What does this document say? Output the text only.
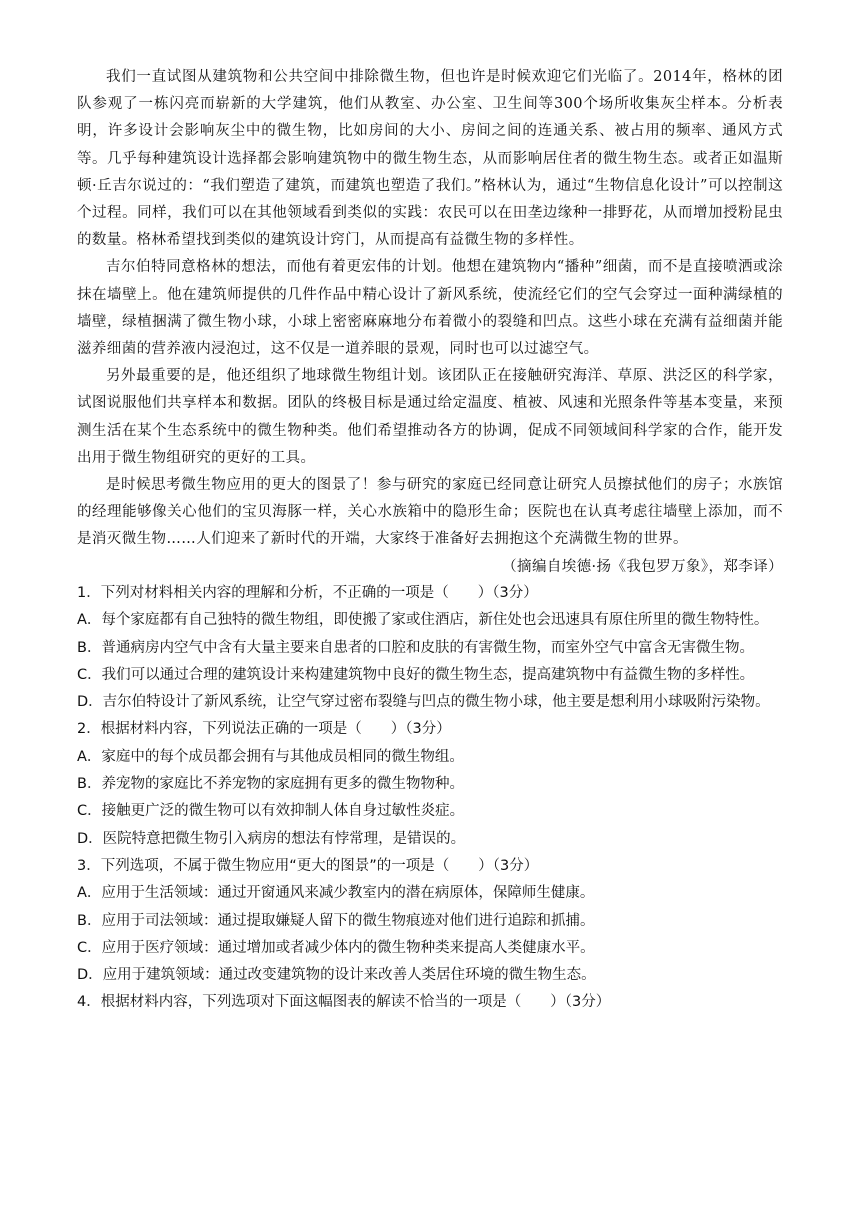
我们一直试图从建筑物和公共空间中排除微生物，但也许是时候欢迎它们光临了。2014年，格林的团队参观了一栋闪亮而崭新的大学建筑，他们从教室、办公室、卫生间等300个场所收集灰尘样本。分析表明，许多设计会影响灰尘中的微生物，比如房间的大小、房间之间的连通关系、被占用的频率、通风方式等。几乎每种建筑设计选择都会影响建筑物中的微生物生态，从而影响居住者的微生物生态。或者正如温斯顿·丘吉尔说过的：“我们塑造了建筑，而建筑也塑造了我们。”格林认为，通过“生物信息化设计”可以控制这个过程。同样，我们可以在其他领域看到类似的实践：农民可以在田垄边缘种一排野花，从而增加授粉昆虫的数量。格林希望找到类似的建筑设计窍门，从而提高有益微生物的多样性。

吉尔伯特同意格林的想法，而他有着更宏伟的计划。他想在建筑物内“播种”细菌，而不是直接喷洒或涂抹在墙壁上。他在建筑师提供的几件作品中精心设计了新风系统，使流经它们的空气会穿过一面种满绿植的墙壁，绿植捆满了微生物小球，小球上密密麻麻地分布着微小的裂缝和凹点。这些小球在充满有益细菌并能滋养细菌的营养液内浸泡过，这不仅是一道养眼的景观，同时也可以过滤空气。

另外最重要的是，他还组织了地球微生物组计划。该团队正在接触研究海洋、草原、洪泛区的科学家，试图说服他们共享样本和数据。团队的终极目标是通过给定温度、植被、风速和光照条件等基本变量，来预测生活在某个生态系统中的微生物种类。他们希望推动各方的协调，促成不同领域间科学家的合作，能开发出用于微生物组研究的更好的工具。

是时候思考微生物应用的更大的图景了！参与研究的家庭已经同意让研究人员擦拭他们的房子；水族馆的经理能够像关心他们的宝贝海豚一样，关心水族箱中的隐形生命；医院也在认真考虑往墙壁上添加，而不是消灭微生物……人们迎来了新时代的开端，大家终于准备好去拥抱这个充满微生物的世界。

（摘编自埃德·扬《我包罗万象》，郑李译）

1．下列对材料相关内容的理解和分析，不正确的一项是（　　）（3分）

A．每个家庭都有自己独特的微生物组，即使搬了家或住酒店，新住处也会迅速具有原住所里的微生物特性。

B．普通病房内空气中含有大量主要来自患者的口腔和皮肤的有害微生物，而室外空气中富含无害微生物。

C．我们可以通过合理的建筑设计来构建建筑物中良好的微生物生态，提高建筑物中有益微生物的多样性。

D．吉尔伯特设计了新风系统，让空气穿过密布裂缝与凹点的微生物小球，他主要是想利用小球吸附污染物。

2．根据材料内容，下列说法正确的一项是（　　）（3分）

A．家庭中的每个成员都会拥有与其他成员相同的微生物组。

B．养宠物的家庭比不养宠物的家庭拥有更多的微生物物种。

C．接触更广泛的微生物可以有效抑制人体自身过敏性炎症。

D．医院特意把微生物引入病房的想法有悖常理，是错误的。

3．下列选项，不属于微生物应用“更大的图景”的一项是（　　）（3分）

A．应用于生活领域：通过开窗通风来减少教室内的潜在病原体，保障师生健康。

B．应用于司法领域：通过提取嫌疑人留下的微生物痕迹对他们进行追踪和抓捕。

C．应用于医疗领域：通过增加或者减少体内的微生物种类来提高人类健康水平。

D．应用于建筑领域：通过改变建筑物的设计来改善人类居住环境的微生物生态。

4．根据材料内容，下列选项对下面这幅图表的解读不恰当的一项是（　　）（3分）
